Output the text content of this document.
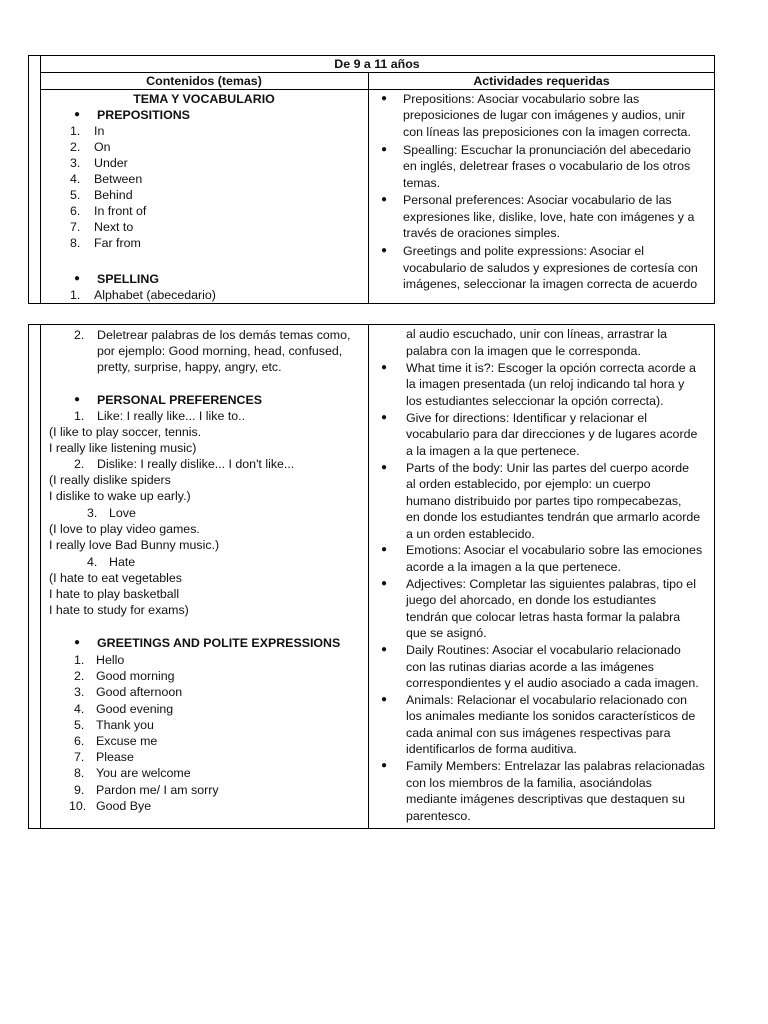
De 9 a 11 años
Contenidos (temas)	Actividades requeridas
TEMA Y VOCABULARIO
● PREPOSITIONS
1. In
2. On
3. Under
4. Between
5. Behind
6. In front of
7. Next to
8. Far from
● SPELLING
1. Alphabet (abecedario)
● Prepositions: Asociar vocabulario sobre las
preposiciones de lugar con imágenes y audios, unir
con líneas las preposiciones con la imagen correcta.
● Spealling: Escuchar la pronunciación del abecedario
en inglés, deletrear frases o vocabulario de los otros
temas.
● Personal preferences: Asociar vocabulario de las
expresiones like, dislike, love, hate con imágenes y a
través de oraciones simples.
● Greetings and polite expressions: Asociar el
vocabulario de saludos y expresiones de cortesía con
imágenes, seleccionar la imagen correcta de acuerdo
2. Deletrear palabras de los demás temas como,
por ejemplo: Good morning, head, confused,
pretty, surprise, happy, angry, etc.
● PERSONAL PREFERENCES
1. Like: I really like... I like to..
(I like to play soccer, tennis.
I really like listening music)
2. Dislike: I really dislike... I don't like...
(I really dislike spiders
I dislike to wake up early.)
3. Love
(I love to play video games.
I really love Bad Bunny music.)
4. Hate
(I hate to eat vegetables
I hate to play basketball
I hate to study for exams)
● GREETINGS AND POLITE EXPRESSIONS
1. Hello
2. Good morning
3. Good afternoon
4. Good evening
5. Thank you
6. Excuse me
7. Please
8. You are welcome
9. Pardon me/ I am sorry
10. Good Bye
al audio escuchado, unir con líneas, arrastrar la
palabra con la imagen que le corresponda.
● What time it is?: Escoger la opción correcta acorde a
la imagen presentada (un reloj indicando tal hora y
los estudiantes seleccionar la opción correcta).
● Give for directions: Identificar y relacionar el
vocabulario para dar direcciones y de lugares acorde
a la imagen a la que pertenece.
● Parts of the body: Unir las partes del cuerpo acorde
al orden establecido, por ejemplo: un cuerpo
humano distribuido por partes tipo rompecabezas,
en donde los estudiantes tendrán que armarlo acorde
a un orden establecido.
● Emotions: Asociar el vocabulario sobre las emociones
acorde a la imagen a la que pertenece.
● Adjectives: Completar las siguientes palabras, tipo el
juego del ahorcado, en donde los estudiantes
tendrán que colocar letras hasta formar la palabra
que se asignó.
● Daily Routines: Asociar el vocabulario relacionado
con las rutinas diarias acorde a las imágenes
correspondientes y el audio asociado a cada imagen.
● Animals: Relacionar el vocabulario relacionado con
los animales mediante los sonidos característicos de
cada animal con sus imágenes respectivas para
identificarlos de forma auditiva.
● Family Members: Entrelazar las palabras relacionadas
con los miembros de la familia, asociándolas
mediante imágenes descriptivas que destaquen su
parentesco.
